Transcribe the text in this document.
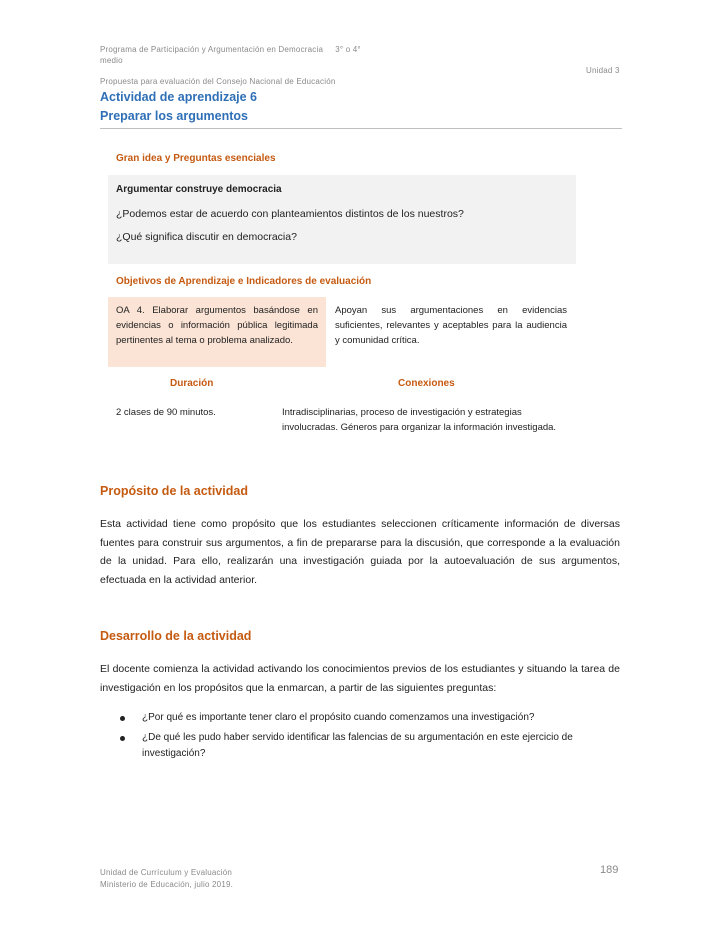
Programa de Participación y Argumentación en Democracia     3° o 4°
medio
Unidad 3
Propuesta para evaluación del Consejo Nacional de Educación
Actividad de aprendizaje 6
Preparar los argumentos
Gran idea y Preguntas esenciales
Argumentar construye democracia
¿Podemos estar de acuerdo con planteamientos distintos de los nuestros?
¿Qué significa discutir en democracia?
Objetivos de Aprendizaje e Indicadores de evaluación
OA 4. Elaborar argumentos basándose en evidencias o información pública legitimada pertinentes al tema o problema analizado.
Apoyan sus argumentaciones en evidencias suficientes, relevantes y aceptables para la audiencia y comunidad crítica.
Duración	Conexiones
2 clases de 90 minutos.	Intradisciplinarias, proceso de investigación y estrategias involucradas. Géneros para organizar la información investigada.
Propósito de la actividad
Esta actividad tiene como propósito que los estudiantes seleccionen críticamente información de diversas fuentes para construir sus argumentos, a fin de prepararse para la discusión, que corresponde a la evaluación de la unidad. Para ello, realizarán una investigación guiada por la autoevaluación de sus argumentos, efectuada en la actividad anterior.
Desarrollo de la actividad
El docente comienza la actividad activando los conocimientos previos de los estudiantes y situando la tarea de investigación en los propósitos que la enmarcan, a partir de las siguientes preguntas:
¿Por qué es importante tener claro el propósito cuando comenzamos una investigación?
¿De qué les pudo haber servido identificar las falencias de su argumentación en este ejercicio de investigación?
Unidad de Currículum y Evaluación
Ministerio de Educación, julio 2019.
189
